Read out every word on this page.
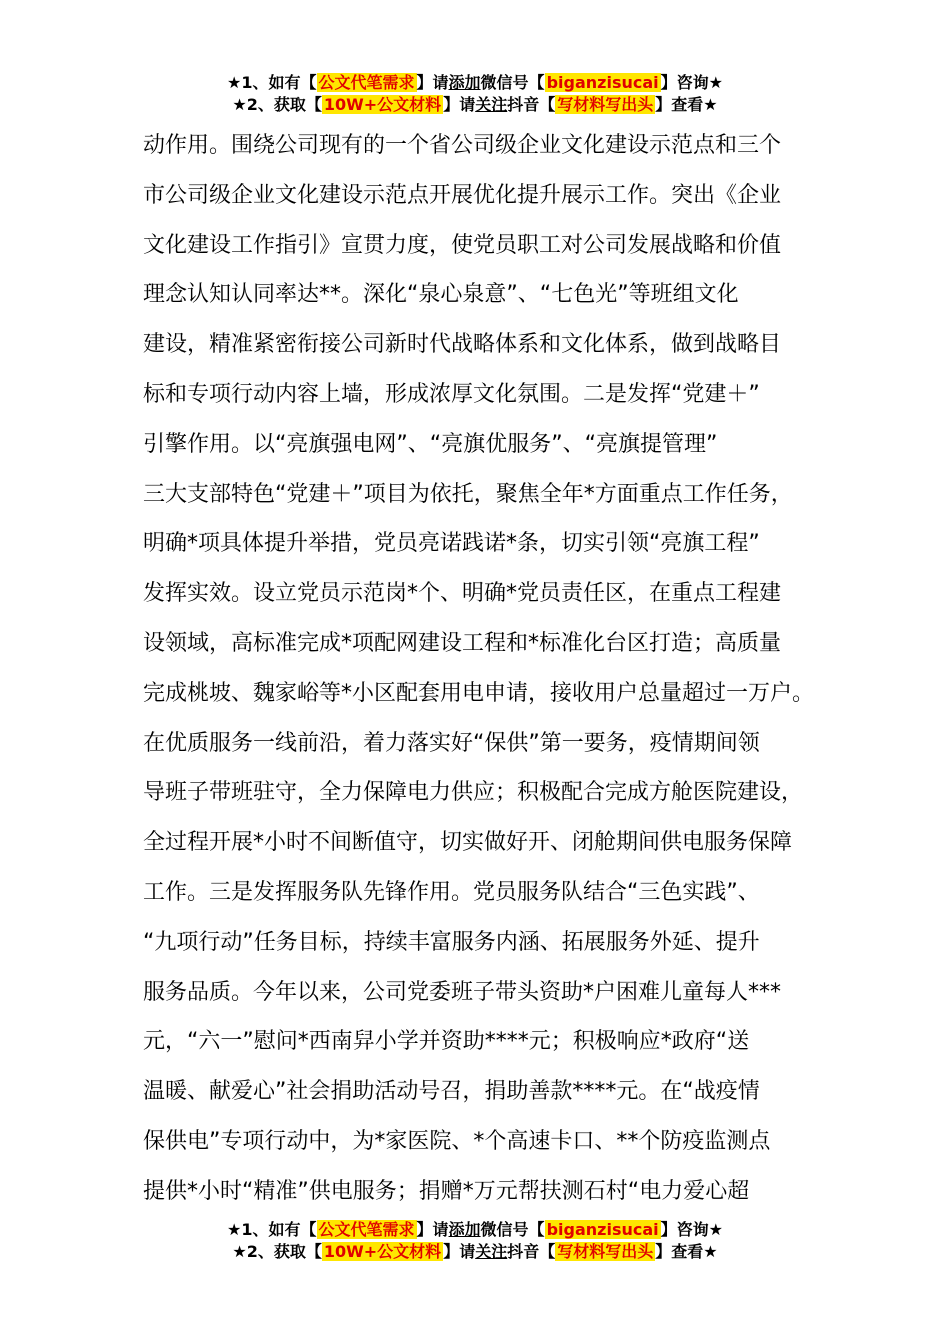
★1、如有【 公文代笔需求 】请添加微信号【 biganzisucai 】咨询★
★2、获取【 10W+公文材料 】请关注抖音【 写材料写出头 】查看★

动作用。围绕公司现有的一个省公司级企业文化建设示范点和三个

市公司级企业文化建设示范点开展优化提升展示工作。突出《企业

文化建设工作指引》宣贯力度，使党员职工对公司发展战略和价值

理念认知认同率达**。深化“泉心泉意”、“七色光”等班组文化

建设，精准紧密衔接公司新时代战略体系和文化体系，做到战略目

标和专项行动内容上墙，形成浓厚文化氛围。二是发挥“党建＋”

引擎作用。以“亮旗强电网”、“亮旗优服务”、“亮旗提管理”

三大支部特色“党建＋”项目为依托，聚焦全年*方面重点工作任务，

明确*项具体提升举措，党员亮诺践诺*条，切实引领“亮旗工程”

发挥实效。设立党员示范岗*个、明确*党员责任区，在重点工程建

设领域，高标准完成*项配网建设工程和*标准化台区打造；高质量

完成桃坡、魏家峪等*小区配套用电申请，接收用户总量超过一万户。

在优质服务一线前沿，着力落实好“保供”第一要务，疫情期间领

导班子带班驻守，全力保障电力供应；积极配合完成方舱医院建设，

全过程开展*小时不间断值守，切实做好开、闭舱期间供电服务保障

工作。三是发挥服务队先锋作用。党员服务队结合“三色实践”、

“九项行动”任务目标，持续丰富服务内涵、拓展服务外延、提升

服务品质。今年以来，公司党委班子带头资助*户困难儿童每人***

元，“六一”慰问*西南舁小学并资助****元；积极响应*政府“送

温暖、献爱心”社会捐助活动号召，捐助善款****元。在“战疫情

保供电”专项行动中，为*家医院、*个高速卡口、**个防疫监测点

提供*小时“精准”供电服务；捐赠*万元帮扶测石村“电力爱心超

★1、如有【 公文代笔需求 】请添加微信号【 biganzisucai 】咨询★
★2、获取【 10W+公文材料 】请关注抖音【 写材料写出头 】查看★
